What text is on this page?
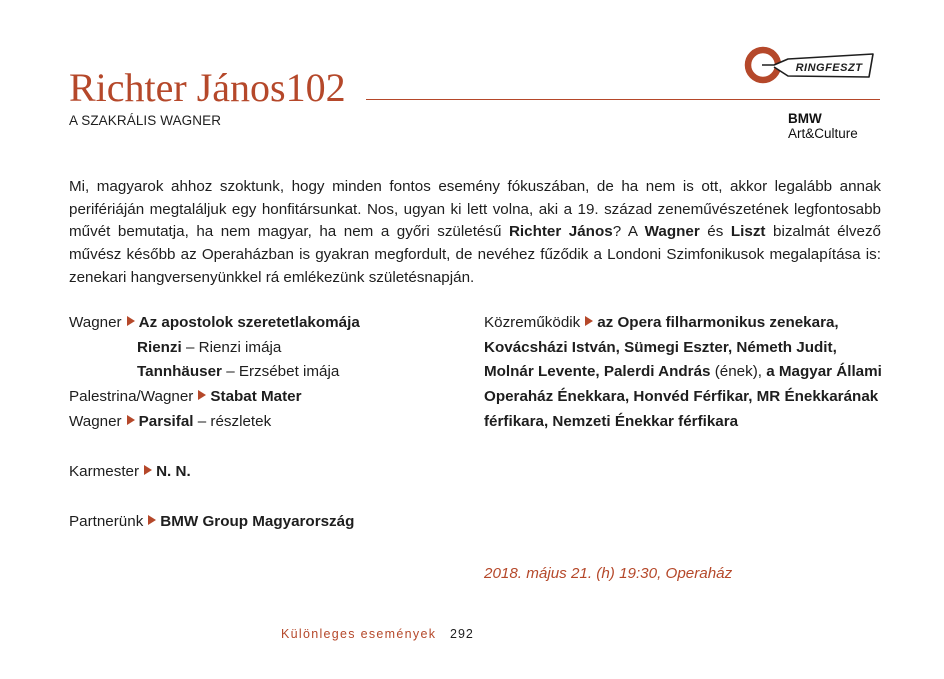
Richter János102
A SZAKRÁLIS WAGNER
RINGFESZT
BMW
Art&Culture

Mi, magyarok ahhoz szoktunk, hogy minden fontos esemény fókuszában, de ha nem is ott, akkor legalább annak perifériáján megtaláljuk egy honfitársunkat. Nos, ugyan ki lett volna, aki a 19. század zeneművészetének legfontosabb művét bemutatja, ha nem magyar, ha nem a győri születésű Richter János? A Wagner és Liszt bizalmát élvező művész később az Operaházban is gyakran megfordult, de nevéhez fűződik a Londoni Szimfonikusok megalapítása is: zenekari hangversenyünkkel rá emlékezünk születésnapján.

Wagner Az apostolok szeretetlakomája
Rienzi – Rienzi imája
Tannhäuser – Erzsébet imája
Palestrina/Wagner Stabat Mater
Wagner Parsifal – részletek
Karmester N. N.
Partnerünk BMW Group Magyarország
Közreműködik az Opera filharmonikus zenekara,
Kovácsházi István, Sümegi Eszter, Németh Judit,
Molnár Levente, Palerdi András (ének), a Magyar Állami
Operaház Énekkara, Honvéd Férfikar, MR Énekkarának
férfikara, Nemzeti Énekkar férfikara
2018. május 21. (h) 19:30, Operaház
Különleges események 292
